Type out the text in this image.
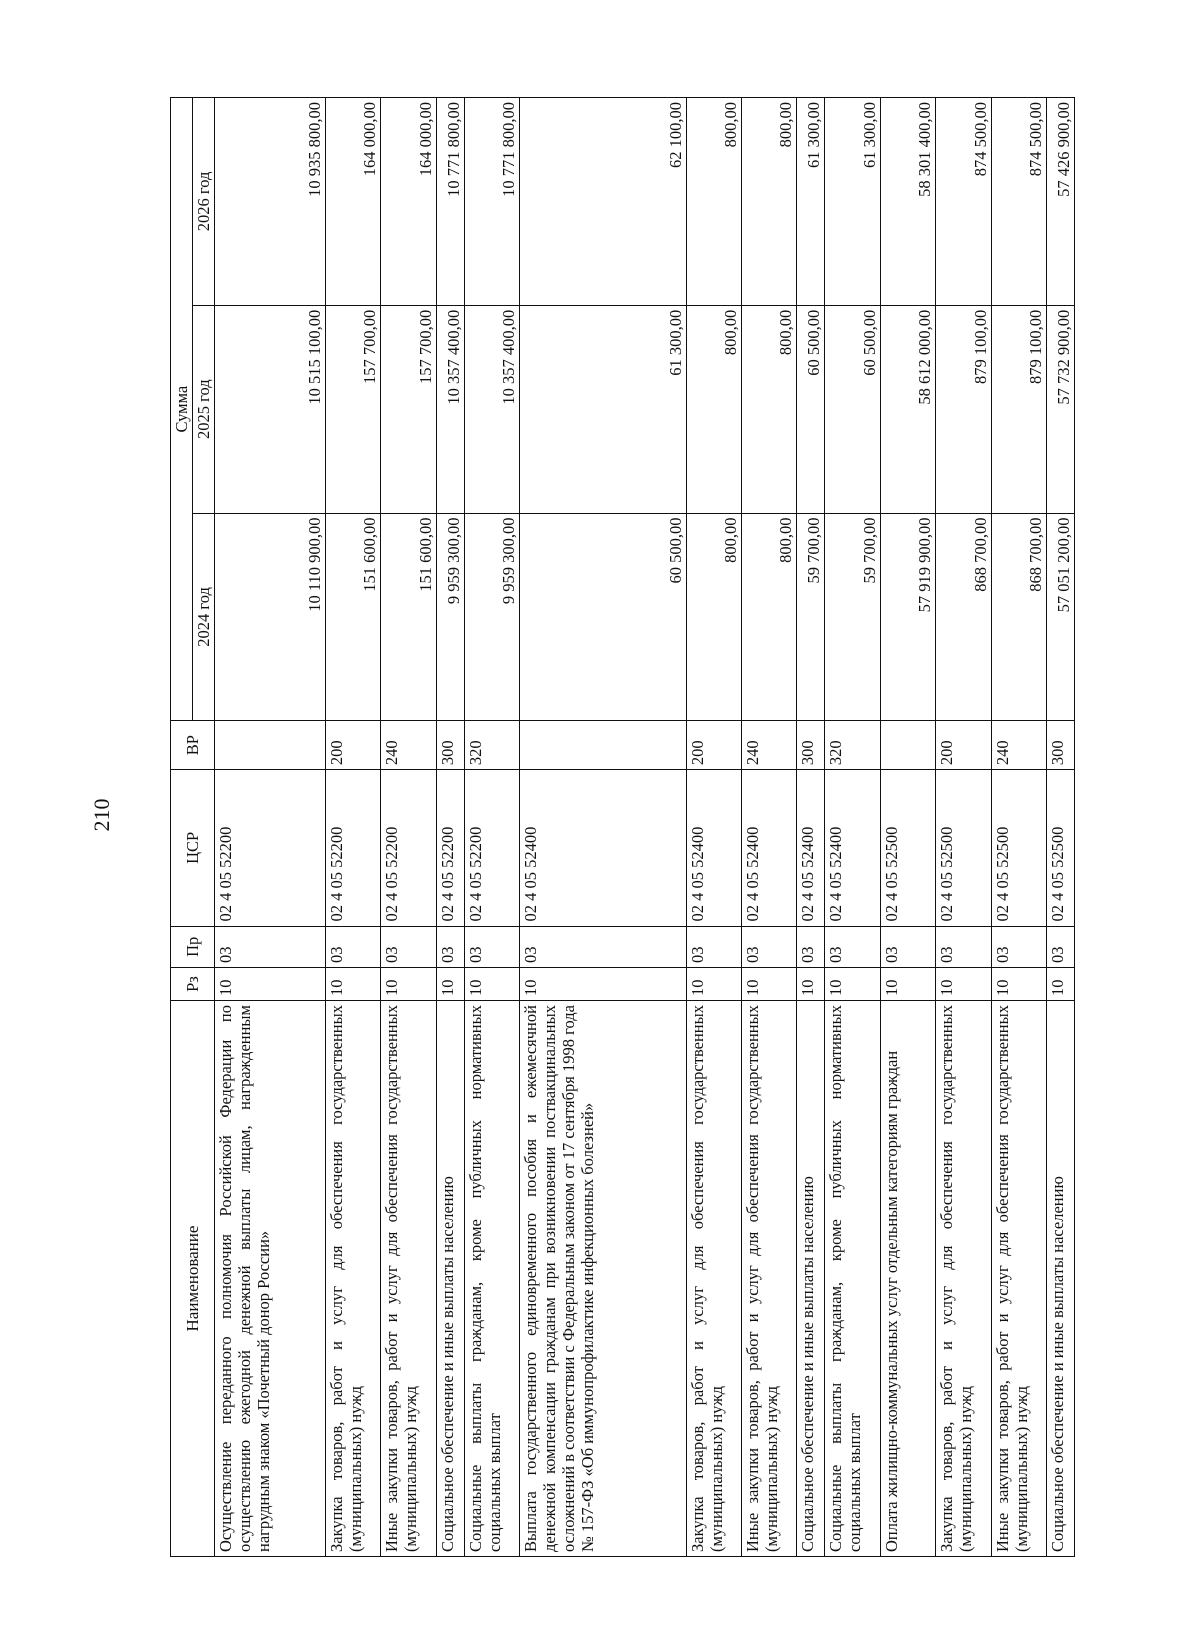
210
Наименование	Рз	Пр	ЦСР	ВР	Сумма		
					2024 год	2025 год	2026 год
Осуществление переданного полномочия Российской Федерации по осуществлению ежегодной денежной выплаты лицам, награжденным нагрудным знаком «Почетный донор России»	10	03	02 4 05 52200		10 110 900,00	10 515 100,00	10 935 800,00
Закупка товаров, работ и услуг для обеспечения государственных (муниципальных) нужд	10	03	02 4 05 52200	200	151 600,00	157 700,00	164 000,00
Иные закупки товаров, работ и услуг для обеспечения государственных (муниципальных) нужд	10	03	02 4 05 52200	240	151 600,00	157 700,00	164 000,00
Социальное обеспечение и иные выплаты населению	10	03	02 4 05 52200	300	9 959 300,00	10 357 400,00	10 771 800,00
Социальные выплаты гражданам, кроме публичных нормативных социальных выплат	10	03	02 4 05 52200	320	9 959 300,00	10 357 400,00	10 771 800,00
Выплата государственного единовременного пособия и ежемесячной денежной компенсации гражданам при возникновении поствакцинальных осложнений в соответствии с Федеральным законом от 17 сентября 1998 года № 157-ФЗ «Об иммунопрофилактике инфекционных болезней»	10	03	02 4 05 52400		60 500,00	61 300,00	62 100,00
Закупка товаров, работ и услуг для обеспечения государственных (муниципальных) нужд	10	03	02 4 05 52400	200	800,00	800,00	800,00
Иные закупки товаров, работ и услуг для обеспечения государственных (муниципальных) нужд	10	03	02 4 05 52400	240	800,00	800,00	800,00
Социальное обеспечение и иные выплаты населению	10	03	02 4 05 52400	300	59 700,00	60 500,00	61 300,00
Социальные выплаты гражданам, кроме публичных нормативных социальных выплат	10	03	02 4 05 52400	320	59 700,00	60 500,00	61 300,00
Оплата жилищно-коммунальных услуг отдельным категориям граждан	10	03	02 4 05 52500		57 919 900,00	58 612 000,00	58 301 400,00
Закупка товаров, работ и услуг для обеспечения государственных (муниципальных) нужд	10	03	02 4 05 52500	200	868 700,00	879 100,00	874 500,00
Иные закупки товаров, работ и услуг для обеспечения государственных (муниципальных) нужд	10	03	02 4 05 52500	240	868 700,00	879 100,00	874 500,00
Социальное обеспечение и иные выплаты населению	10	03	02 4 05 52500	300	57 051 200,00	57 732 900,00	57 426 900,00
